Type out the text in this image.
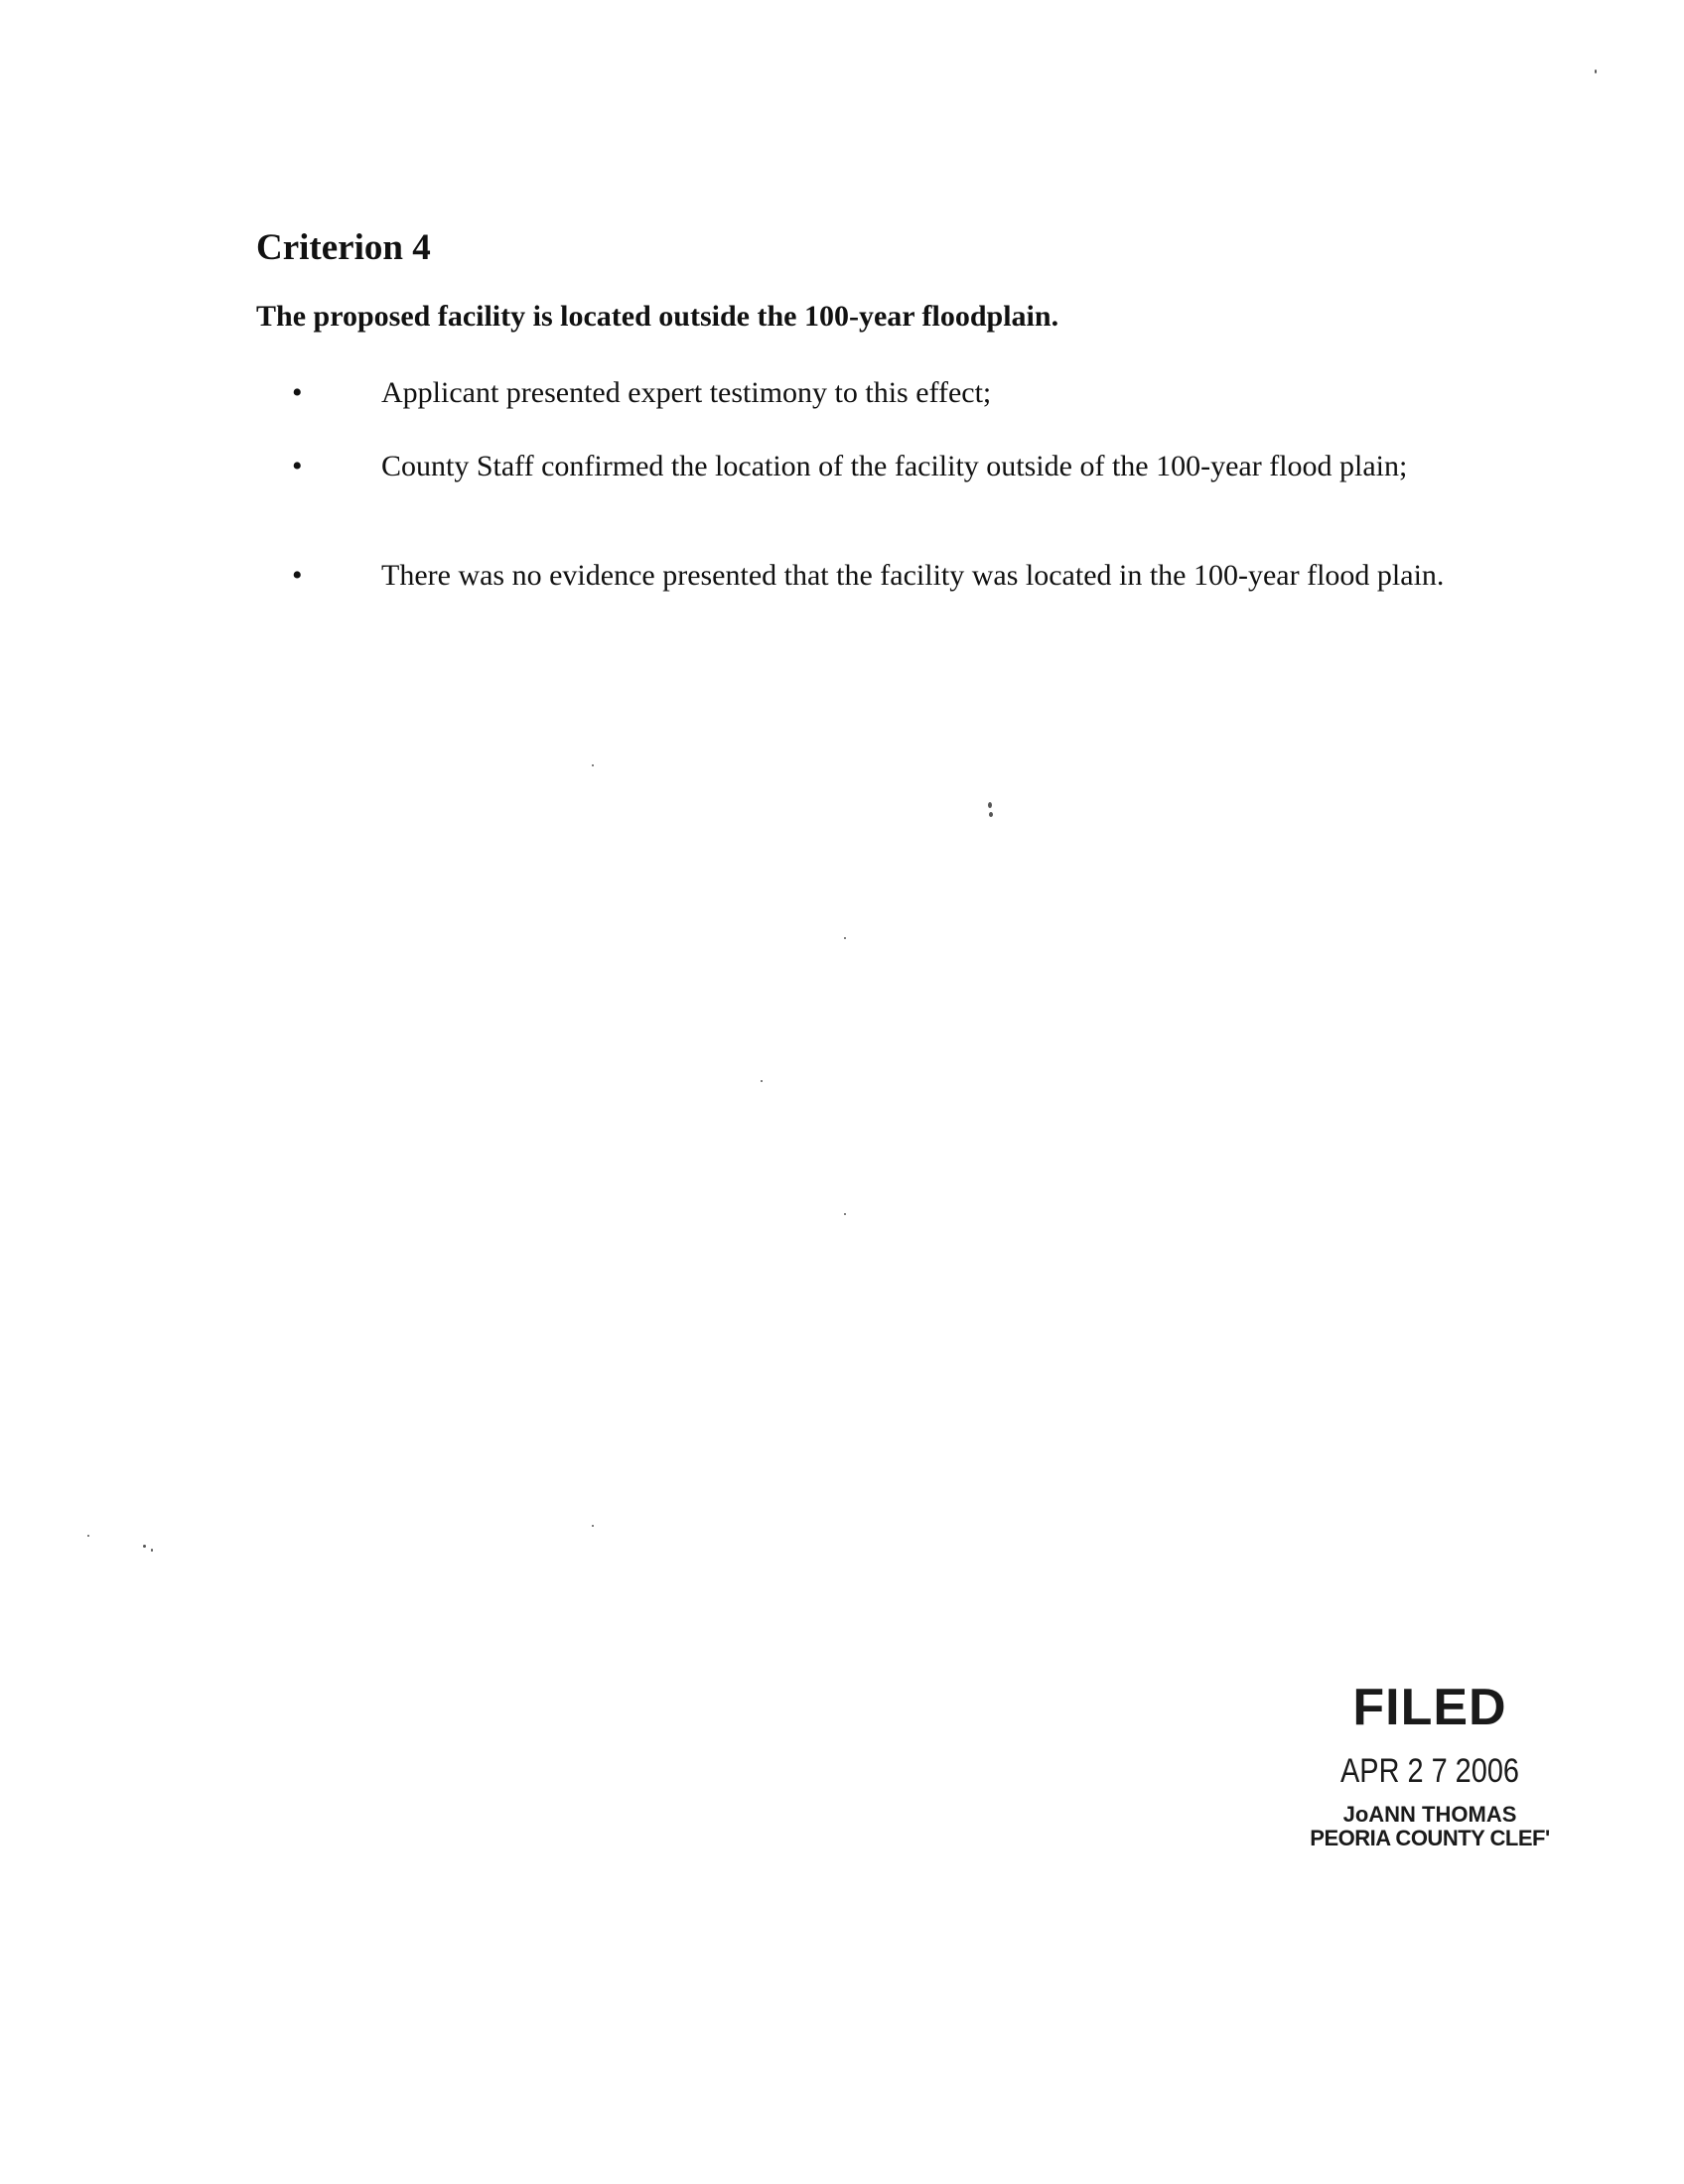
Criterion 4

The proposed facility is located outside the 100-year floodplain.

•	Applicant presented expert testimony to this effect;
•	County Staff confirmed the location of the facility outside of the 100-year flood plain;
•	There was no evidence presented that the facility was located in the 100-year flood plain.
FILED
APR 2 7 2006
JoANN THOMAS
PEORIA COUNTY CLEF'
